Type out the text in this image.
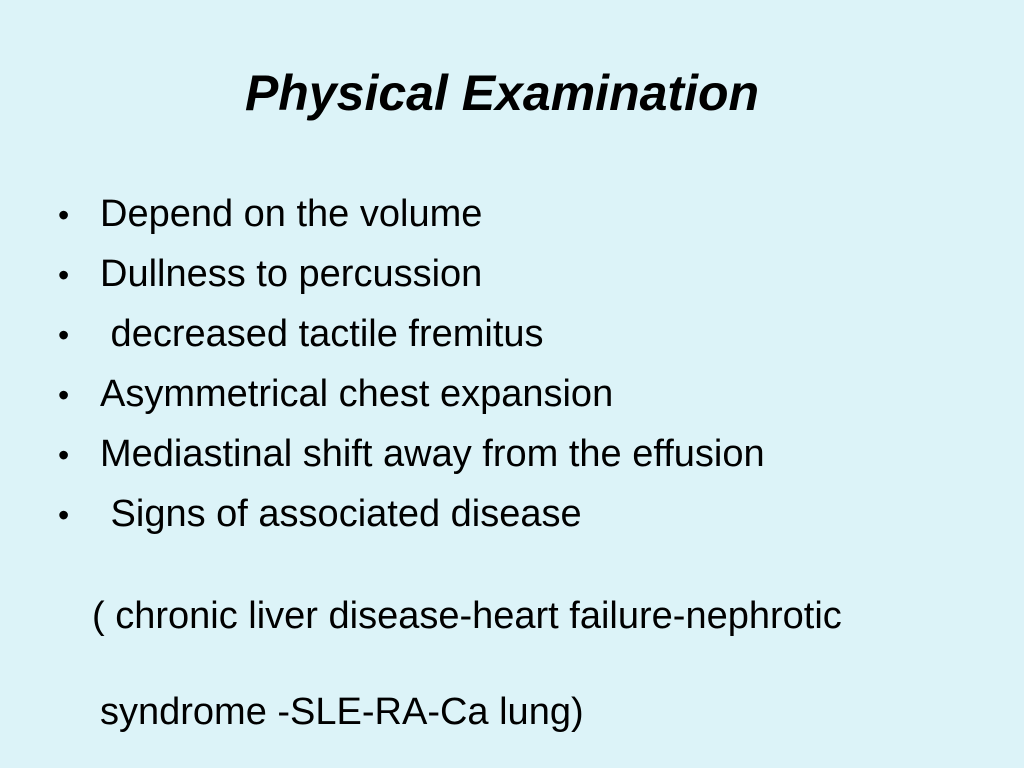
Physical Examination
• Depend on the volume
• Dullness to percussion
• decreased tactile fremitus
• Asymmetrical chest expansion
• Mediastinal shift away from the effusion
• Signs of associated disease

( chronic liver disease-heart failure-nephrotic

syndrome -SLE-RA-Ca lung)
